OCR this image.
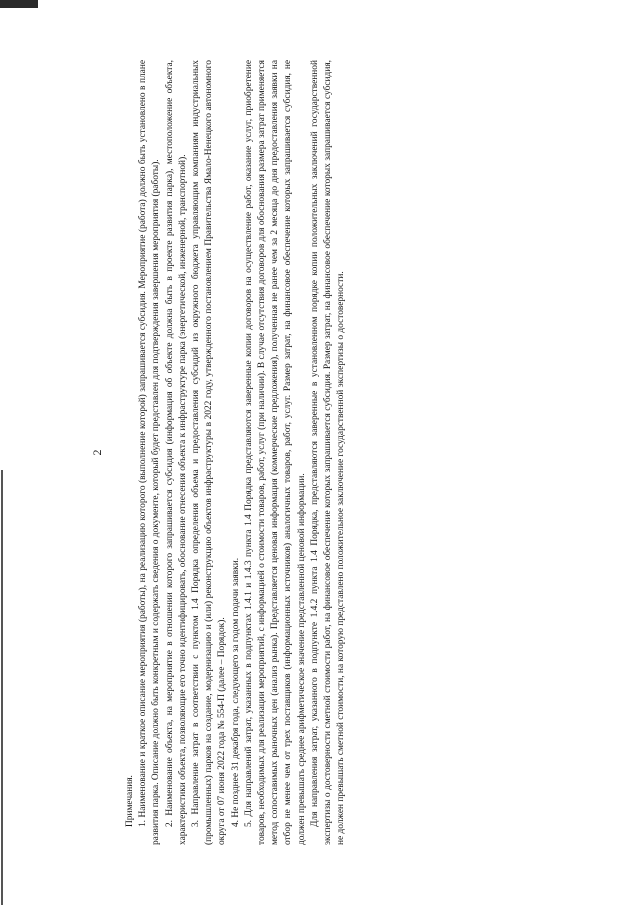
2

Примечания. 1. Наименование и краткое описание мероприятия (работы), на реализацию которого (выполнение которой) запрашивается субсидия. Мероприятие (работа) должно быть установлено в плане развития парка. Описание должно быть конкретным и содержать сведения о документе, который будет представлен для подтверждения завершения мероприятия (работы). 2. Наименование объекта, на мероприятие в отношении которого запрашивается субсидия (информация об объекте должна быть в проекте развития парка), местоположение объекта, характеристики объекта, позволяющие его точно идентифицировать, обоснование отнесения объекта к инфраструктуре парка (энергетической, инженерной, транспортной). 3. Направление затрат в соответствии с пунктом 1.4 Порядка определения объема и предоставления субсидий из окружного бюджета управляющим компаниям индустриальных (промышленных) парков на создание, модернизацию и (или) реконструкцию объектов инфраструктуры в 2022 году, утвержденного постановлением Правительства Ямало-Ненецкого автономного округа от 07 июня 2022 года № 554-П (далее – Порядок). 4. Не позднее 31 декабря года, следующего за годом подачи заявки. 5. Для направлений затрат, указанных в подпунктах 1.4.1 и 1.4.3 пункта 1.4 Порядка представляются заверенные копии договоров на осуществление работ, оказание услуг, приобретение товаров, необходимых для реализации мероприятий, с информацией о стоимости товаров, работ, услуг (при наличии). В случае отсутствия договоров для обоснования размера затрат применяется метод сопоставимых рыночных цен (анализ рынка). Представляется ценовая информация (коммерческие предложения), полученная не ранее чем за 2 месяца до дня предоставления заявки на отбор не менее чем от трех поставщиков (информационных источников) аналогичных товаров, работ, услуг. Размер затрат, на финансовое обеспечение которых запрашивается субсидия, не должен превышать среднее арифметическое значение представленной ценовой информации. Для направления затрат, указанного в подпункте 1.4.2 пункта 1.4 Порядка, представляются заверенные в установленном порядке копии положительных заключений государственной экспертизы о достоверности сметной стоимости работ, на финансовое обеспечение которых запрашивается субсидия. Размер затрат, на финансовое обеспечение которых запрашивается субсидия, не должен превышать сметной стоимости, на которую представлено положительное заключение государственной экспертизы о достоверности.
